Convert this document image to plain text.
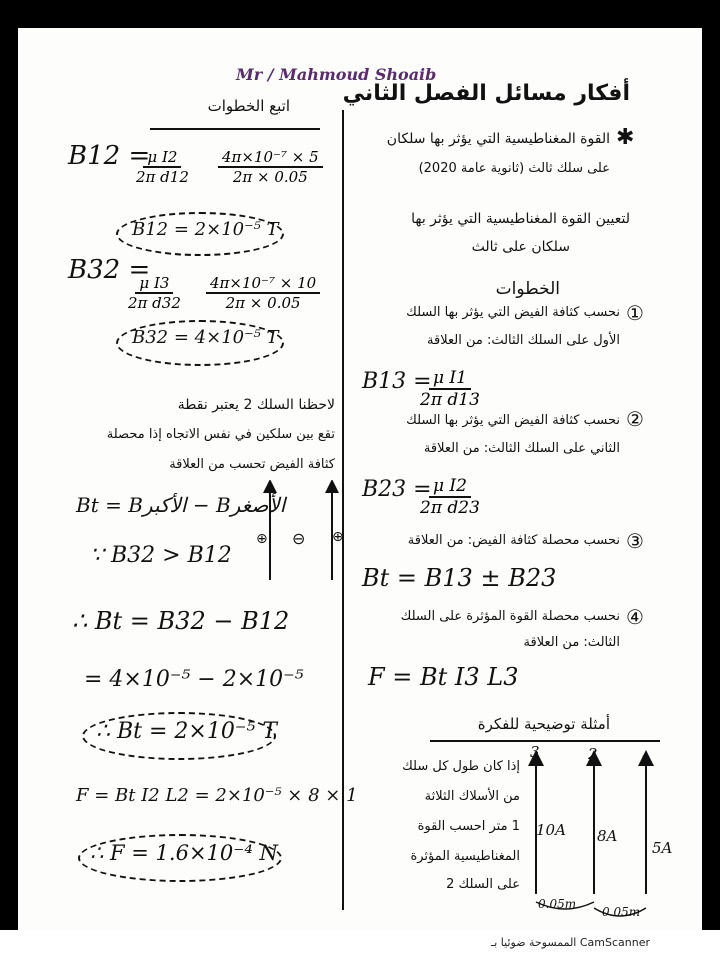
Mr / Mahmoud Shoaib
أفكار مسائل الفصل الثاني
اتبع الخطوات
✱
القوة المغناطيسية التي يؤثر بها سلكان
على سلك ثالث (ثانوية عامة 2020)
لتعيين القوة المغناطيسية التي يؤثر بها
سلكان على ثالث
الخطوات
①
نحسب كثافة الفيض التي يؤثر بها السلك
الأول على السلك الثالث: من العلاقة
B13 =
$\frac{\text{μ I1}}{\text{2π d13}}$
②
نحسب كثافة الفيض التي يؤثر بها السلك
الثاني على السلك الثالث: من العلاقة
B23 =
$\frac{\text{μ I2}}{\text{2π d23}}$
③
نحسب محصلة كثافة الفيض: من العلاقة
Bt = B13 ± B23
④
نحسب محصلة القوة المؤثرة على السلك
الثالث: من العلاقة
F = Bt I3 L3
أمثلة توضيحية للفكرة
إذا كان طول كل سلك
من الأسلاك الثلاثة
1 متر احسب القوة
المغناطيسية المؤثرة
على السلك 2
3	2	1
10A 8A
5A
0.05m
0.05m
B12 =
$\frac{\text{μ I2}}{\text{2π d12}} \frac{\text{4π×10⁻⁷ × 5}}{2\pi \times 0.05}$
B12 = 2×10⁻⁵ T
B32 =
$\frac{\text{μ I3}}{\text{2π d32}} \frac{\text{4π×10⁻⁷ × 10}}{2\pi \times 0.05}$
B32 = 4×10⁻⁵ T
لاحظنا السلك 2 يعتبر نقطة
تقع بين سلكين في نفس الاتجاه إذا محصلة
كثافة الفيض تحسب من العلاقة
Bt = Bالأكبر − Bالأصغر
∵ B32 > B12
⊕ ⊖ ⊕
∴ Bt = B32 − B12
= 4×10⁻⁵ − 2×10⁻⁵
∴ Bt = 2×10⁻⁵ T
F = Bt I2 L2 = 2×10⁻⁵ × 8 × 1
∴ F = 1.6×10⁻⁴ N
الممسوحة ضوئيا بـ CamScanner
